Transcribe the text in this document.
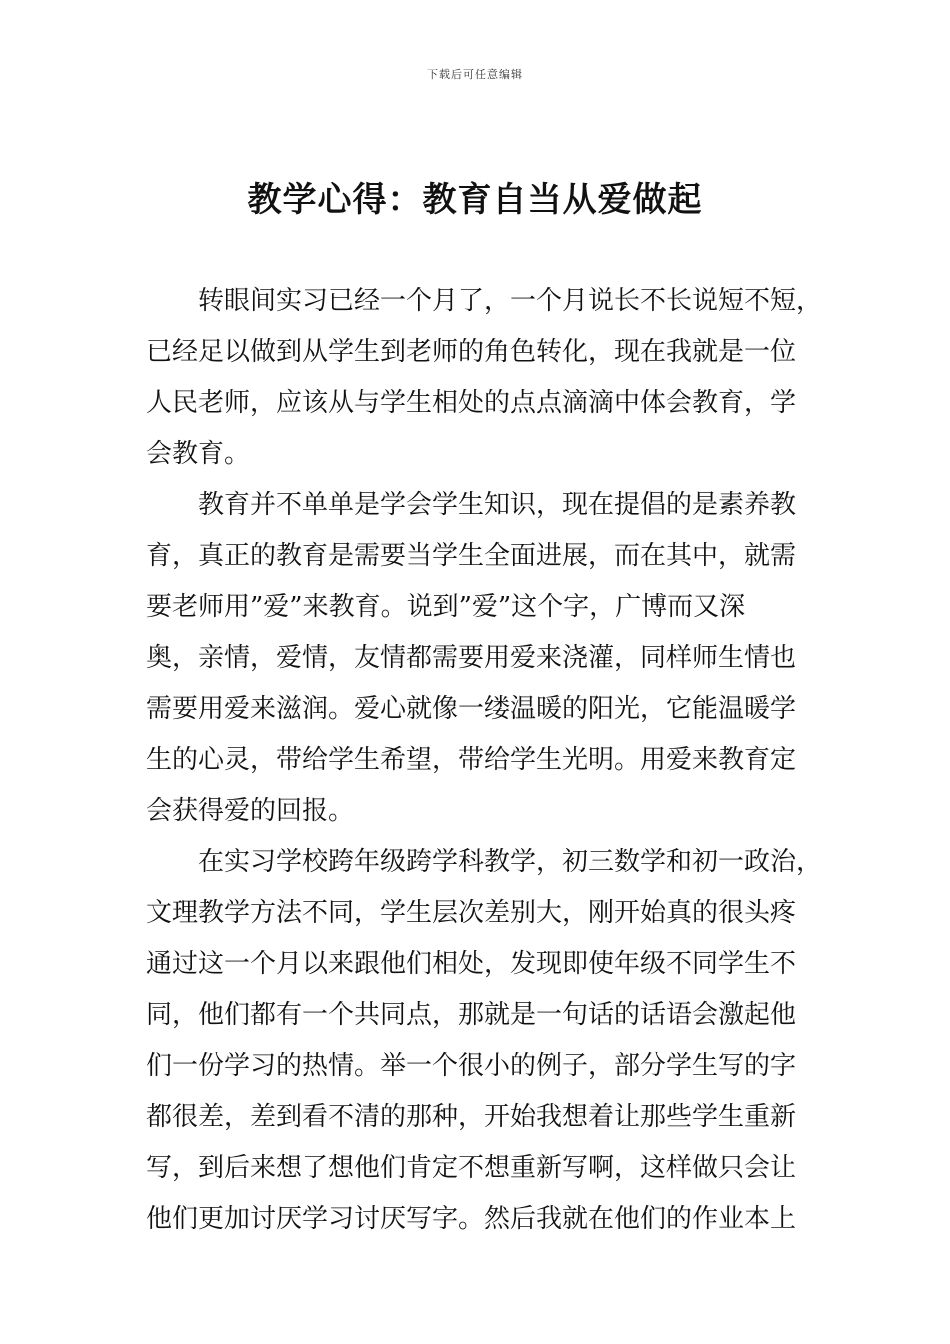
下载后可任意编辑
教学心得：教育自当从爱做起

转眼间实习已经一个月了，一个月说长不长说短不短，
已经足以做到从学生到老师的角色转化，现在我就是一位
人民老师，应该从与学生相处的点点滴滴中体会教育，学
会教育。

教育并不单单是学会学生知识，现在提倡的是素养教
育，真正的教育是需要当学生全面进展，而在其中，就需
要老师用”爱”来教育。说到”爱”这个字，广博而又深
奥，亲情，爱情，友情都需要用爱来浇灌，同样师生情也
需要用爱来滋润。爱心就像一缕温暖的阳光，它能温暖学
生的心灵，带给学生希望，带给学生光明。用爱来教育定
会获得爱的回报。

在实习学校跨年级跨学科教学，初三数学和初一政治，
文理教学方法不同，学生层次差别大，刚开始真的很头疼
通过这一个月以来跟他们相处，发现即使年级不同学生不
同，他们都有一个共同点，那就是一句话的话语会激起他
们一份学习的热情。举一个很小的例子，部分学生写的字
都很差，差到看不清的那种，开始我想着让那些学生重新
写，到后来想了想他们肯定不想重新写啊，这样做只会让
他们更加讨厌学习讨厌写字。然后我就在他们的作业本上
